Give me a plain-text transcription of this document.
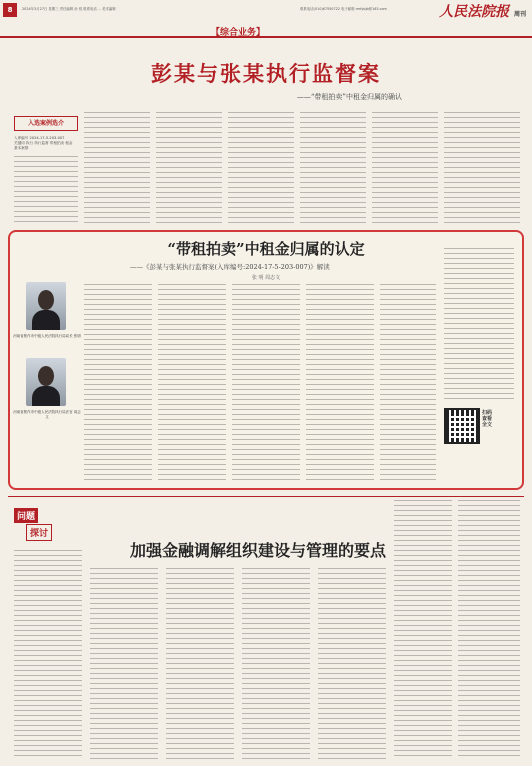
8	2024年3月27日 星期三 责任编辑 孙 悦 联系电话 ... 美术编辑	联系电话(010)67550722 电子邮箱 rmfybjb@163.com	人民法院报 周刊
【综合业务】
彭某与张某执行监督案
——“带租拍卖”中租金归属的确认
入选案例选介
入库编号 2024-17-5-203-007
关键词 执行 执行监督 带租拍卖 租金
基本案情
“带租拍卖”中租金归属的认定
——《彭某与张某执行监督案(入库编号:2024-17-5-203-007)》解读
张 明 周志文
河南省焦作市中级人民法院执行局局长 张明
河南省焦作市中级人民法院执行局法官 周志文
扫码查看全文
问题
探讨
加强金融调解组织建设与管理的要点
